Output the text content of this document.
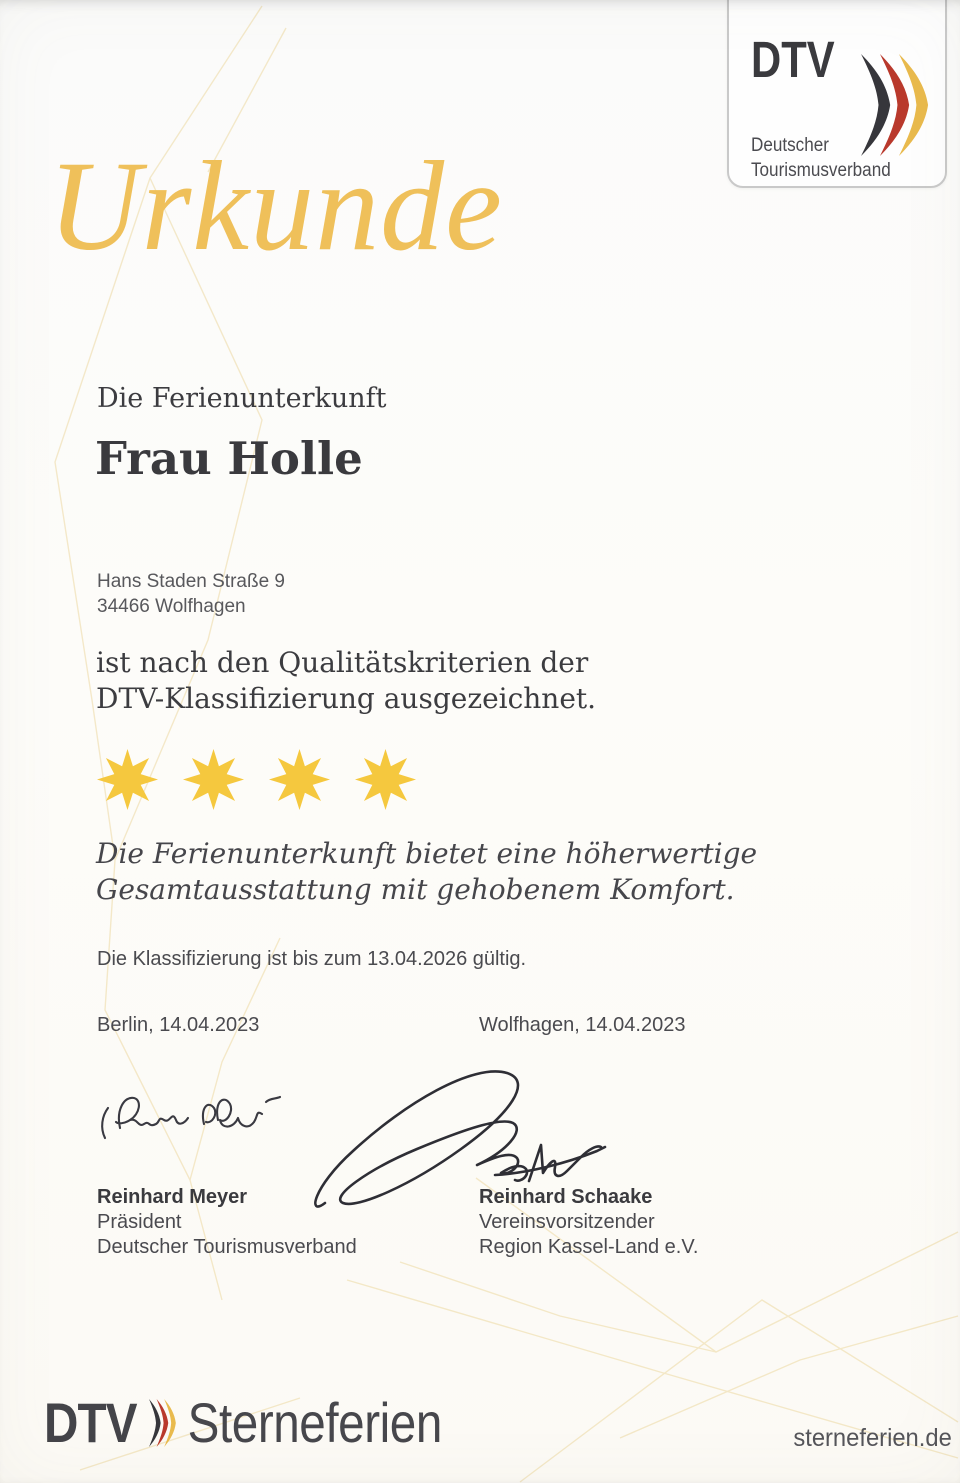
DTV
Deutscher
Tourismusverband
Urkunde
Die Ferienunterkunft
Frau Holle
Hans Staden Straße 9
34466 Wolfhagen
ist nach den Qualitätskriterien der
DTV-Klassifizierung ausgezeichnet.
Die Ferienunterkunft bietet eine höherwertige
Gesamtausstattung mit gehobenem Komfort.
Die Klassifizierung ist bis zum 13.04.2026 gültig.
Berlin, 14.04.2023	Wolfhagen, 14.04.2023
Reinhard Meyer
Präsident
Deutscher Tourismusverband
Reinhard Schaake
Vereinsvorsitzender
Region Kassel-Land e.V.
DTV Sterneferien	sterneferien.de
